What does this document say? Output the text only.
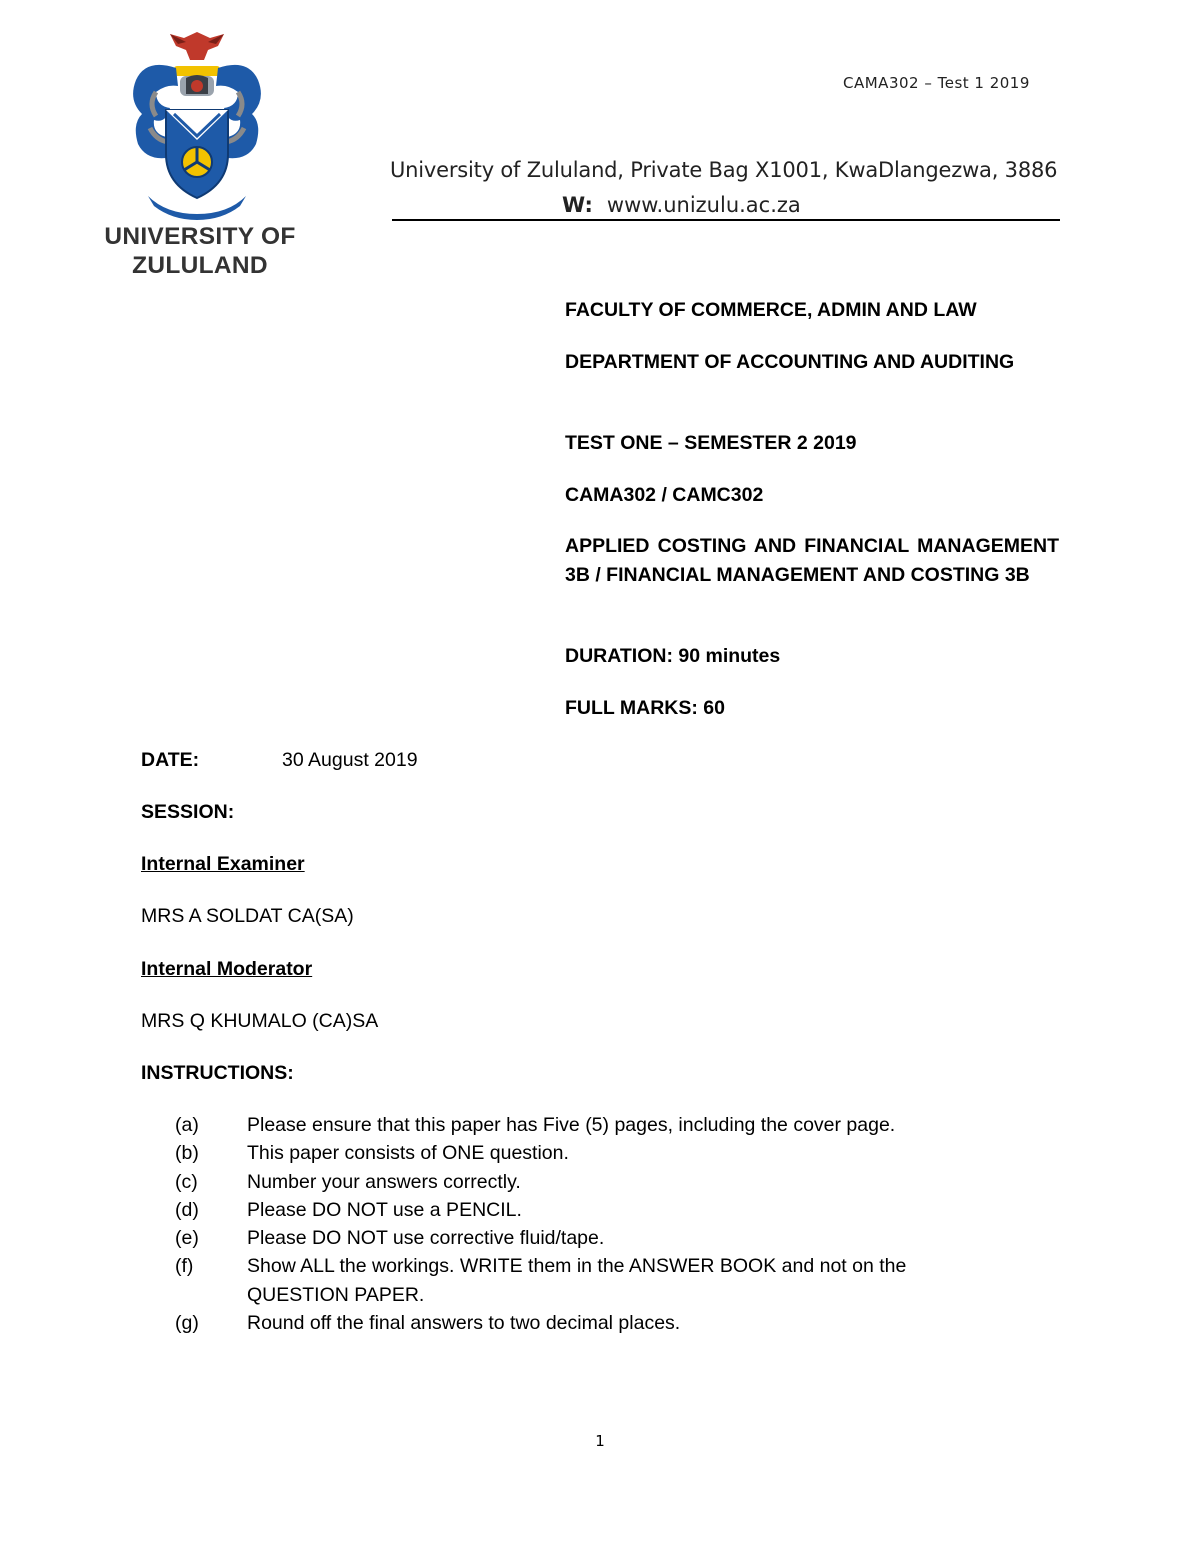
UNIVERSITY OF
ZULULAND
CAMA302 – Test 1 2019
University of Zululand, Private Bag X1001, KwaDlangezwa, 3886
W: www.unizulu.ac.za
FACULTY OF COMMERCE, ADMIN AND LAW
DEPARTMENT OF ACCOUNTING AND AUDITING
TEST ONE – SEMESTER 2 2019
CAMA302 / CAMC302
APPLIED COSTING AND FINANCIAL MANAGEMENT 3B / FINANCIAL MANAGEMENT AND COSTING 3B
DURATION: 90 minutes
FULL MARKS: 60
DATE:	30 August 2019
SESSION:
Internal Examiner
MRS A SOLDAT CA(SA)
Internal Moderator
MRS Q KHUMALO (CA)SA
INSTRUCTIONS:
(a)	Please ensure that this paper has Five (5) pages, including the cover page.
(b)	This paper consists of ONE question.
(c)	Number your answers correctly.
(d)	Please DO NOT use a PENCIL.
(e)	Please DO NOT use corrective fluid/tape.
(f)	Show ALL the workings. WRITE them in the ANSWER BOOK and not on the QUESTION PAPER.
(g)	Round off the final answers to two decimal places.
1
